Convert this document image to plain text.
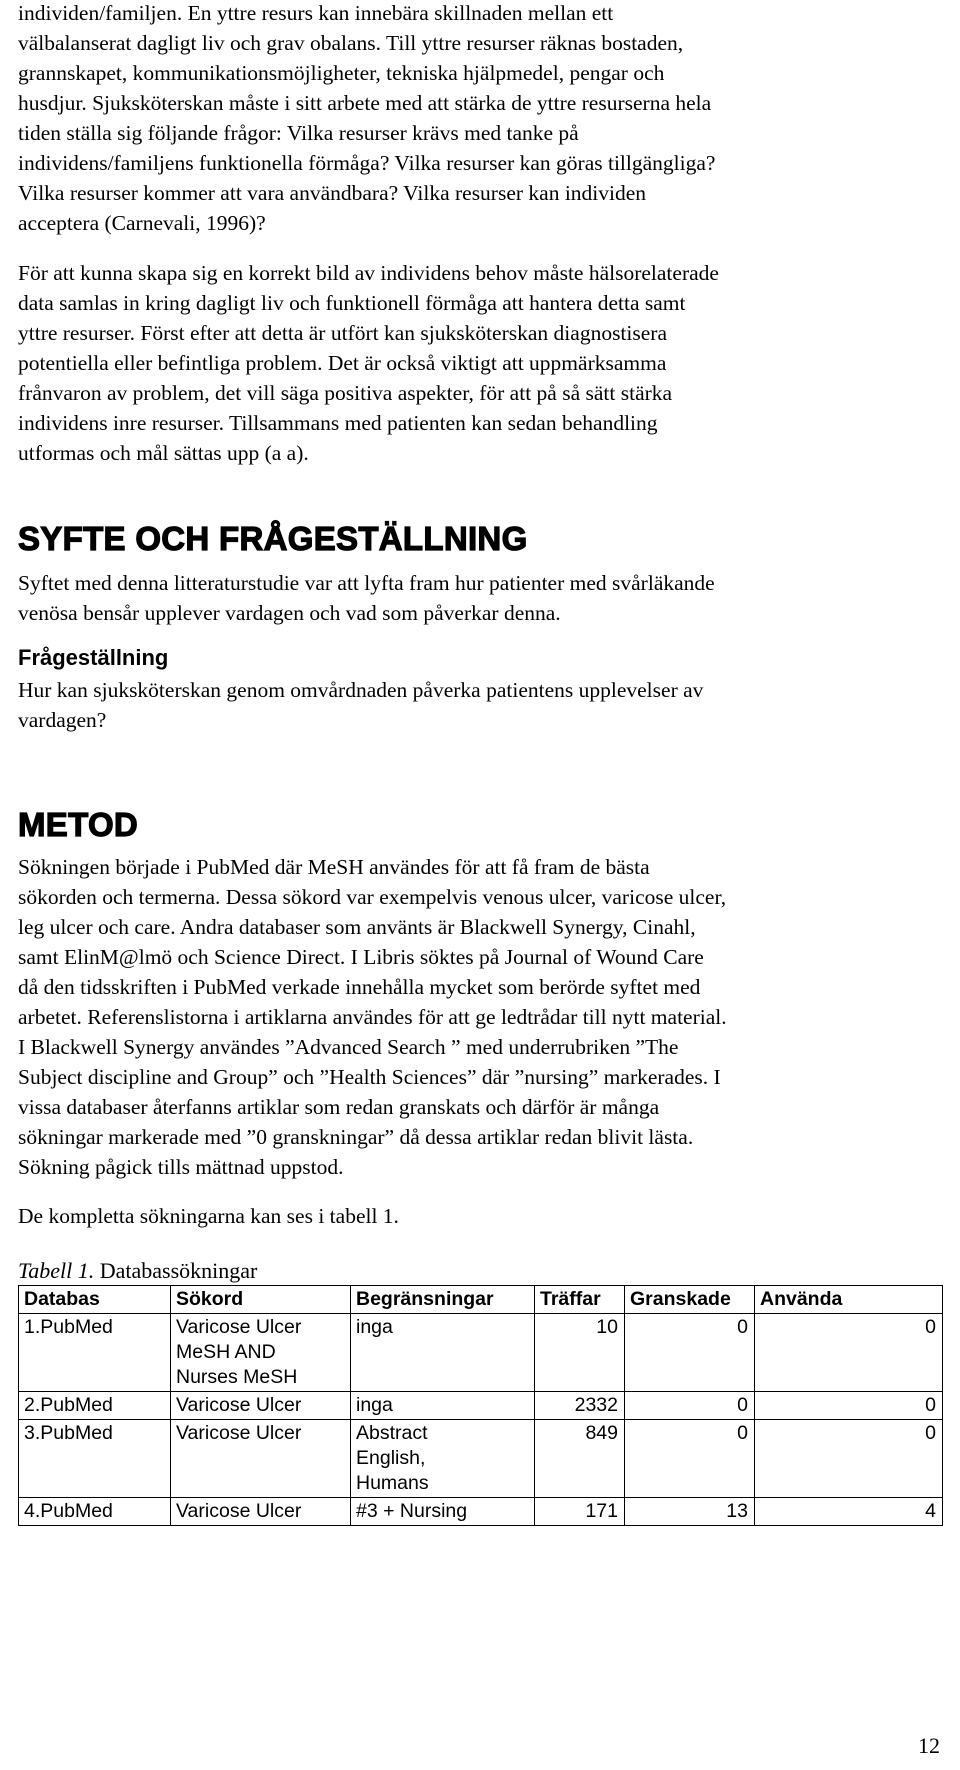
individen/familjen. En yttre resurs kan innebära skillnaden mellan ett
välbalanserat dagligt liv och grav obalans. Till yttre resurser räknas bostaden,
grannskapet, kommunikationsmöjligheter, tekniska hjälpmedel, pengar och
husdjur. Sjuksköterskan måste i sitt arbete med att stärka de yttre resurserna hela
tiden ställa sig följande frågor: Vilka resurser krävs med tanke på
individens/familjens funktionella förmåga? Vilka resurser kan göras tillgängliga?
Vilka resurser kommer att vara användbara? Vilka resurser kan individen
acceptera (Carnevali, 1996)?

För att kunna skapa sig en korrekt bild av individens behov måste hälsorelaterade
data samlas in kring dagligt liv och funktionell förmåga att hantera detta samt
yttre resurser. Först efter att detta är utfört kan sjuksköterskan diagnostisera
potentiella eller befintliga problem. Det är också viktigt att uppmärksamma
frånvaron av problem, det vill säga positiva aspekter, för att på så sätt stärka
individens inre resurser. Tillsammans med patienten kan sedan behandling
utformas och mål sättas upp (a a).

SYFTE OCH FRÅGESTÄLLNING

Syftet med denna litteraturstudie var att lyfta fram hur patienter med svårläkande
venösa bensår upplever vardagen och vad som påverkar denna.

Frågeställning

Hur kan sjuksköterskan genom omvårdnaden påverka patientens upplevelser av
vardagen?

METOD

Sökningen började i PubMed där MeSH användes för att få fram de bästa
sökorden och termerna. Dessa sökord var exempelvis venous ulcer, varicose ulcer,
leg ulcer och care. Andra databaser som använts är Blackwell Synergy, Cinahl,
samt ElinM@lmö och Science Direct. I Libris söktes på Journal of Wound Care
då den tidsskriften i PubMed verkade innehålla mycket som berörde syftet med
arbetet. Referenslistorna i artiklarna användes för att ge ledtrådar till nytt material.
I Blackwell Synergy användes ”Advanced Search ” med underrubriken ”The
Subject discipline and Group” och ”Health Sciences” där ”nursing” markerades. I
vissa databaser återfanns artiklar som redan granskats och därför är många
sökningar markerade med ”0 granskningar” då dessa artiklar redan blivit lästa.
Sökning pågick tills mättnad uppstod.

De kompletta sökningarna kan ses i tabell 1.

Tabell 1. Databassökningar
Databas	Sökord	Begränsningar	Träffar	Granskade	Använda
1.PubMed	Varicose Ulcer
MeSH AND
Nurses MeSH	inga	10	0	0
2.PubMed	Varicose Ulcer	inga	2332	0	0
3.PubMed	Varicose Ulcer	Abstract
English,
Humans	849	0	0
4.PubMed	Varicose Ulcer	#3 + Nursing	171	13	4
12
